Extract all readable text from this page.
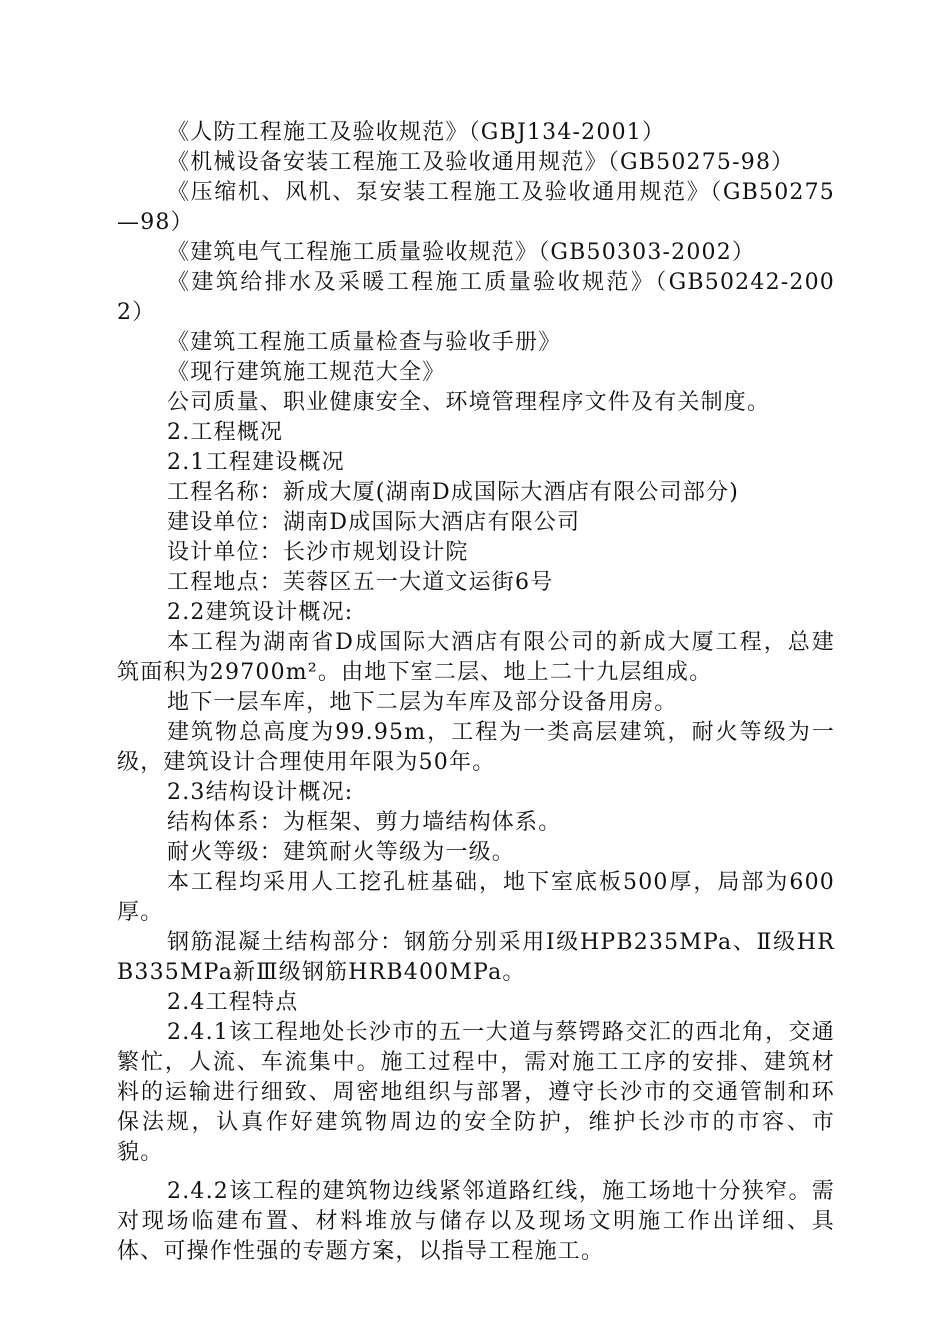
《人防工程施工及验收规范》（GBJ134-2001）

《机械设备安装工程施工及验收通用规范》（GB50275-98）

《压缩机、风机、泵安装工程施工及验收通用规范》（GB50275—98）

《建筑电气工程施工质量验收规范》（GB50303-2002）

《建筑给排水及采暖工程施工质量验收规范》（GB50242-2002）

《建筑工程施工质量检查与验收手册》

《现行建筑施工规范大全》

公司质量、职业健康安全、环境管理程序文件及有关制度。

2.工程概况

2.1工程建设概况

工程名称：新成大厦(湖南D成国际大酒店有限公司部分)

建设单位：湖南D成国际大酒店有限公司

设计单位：长沙市规划设计院

工程地点：芙蓉区五一大道文运街6号

2.2建筑设计概况:

本工程为湖南省D成国际大酒店有限公司的新成大厦工程，总建筑面积为29700m²。由地下室二层、地上二十九层组成。

地下一层车库，地下二层为车库及部分设备用房。

建筑物总高度为99.95m，工程为一类高层建筑，耐火等级为一级，建筑设计合理使用年限为50年。

2.3结构设计概况:

结构体系：为框架、剪力墙结构体系。

耐火等级：建筑耐火等级为一级。

本工程均采用人工挖孔桩基础，地下室底板500厚，局部为600厚。

钢筋混凝土结构部分：钢筋分别采用Ⅰ级HPB235MPa、Ⅱ级HRB335MPa新Ⅲ级钢筋HRB400MPa。

2.4工程特点

2.4.1该工程地处长沙市的五一大道与蔡锷路交汇的西北角，交通繁忙，人流、车流集中。施工过程中，需对施工工序的安排、建筑材料的运输进行细致、周密地组织与部署，遵守长沙市的交通管制和环保法规，认真作好建筑物周边的安全防护，维护长沙市的市容、市貌。

2.4.2该工程的建筑物边线紧邻道路红线，施工场地十分狭窄。需对现场临建布置、材料堆放与储存以及现场文明施工作出详细、具体、可操作性强的专题方案，以指导工程施工。
